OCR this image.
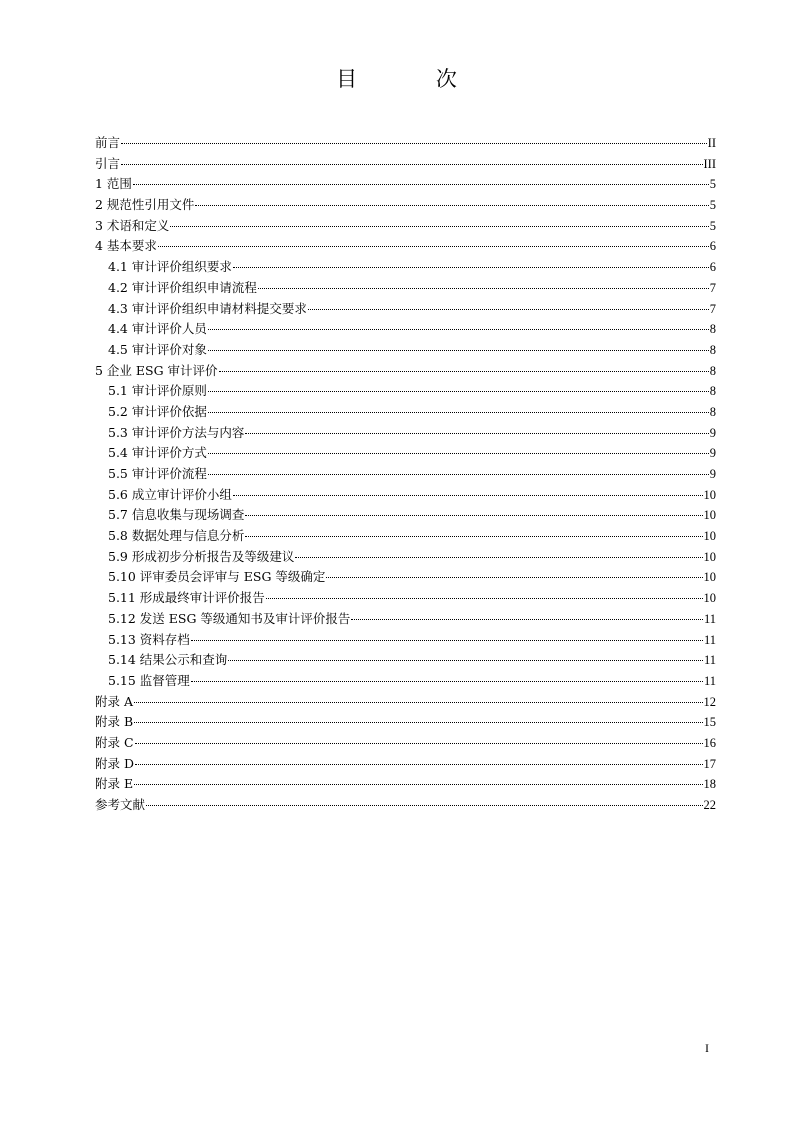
目 次
前言	II
引言	III
1 范围	5
2 规范性引用文件	5
3 术语和定义	5
4 基本要求	6
4.1 审计评价组织要求	6
4.2 审计评价组织申请流程	7
4.3 审计评价组织申请材料提交要求	7
4.4 审计评价人员	8
4.5 审计评价对象	8
5 企业 ESG 审计评价	8
5.1 审计评价原则	8
5.2 审计评价依据	8
5.3 审计评价方法与内容	9
5.4 审计评价方式	9
5.5 审计评价流程	9
5.6 成立审计评价小组	10
5.7 信息收集与现场调查	10
5.8 数据处理与信息分析	10
5.9 形成初步分析报告及等级建议	10
5.10 评审委员会评审与 ESG 等级确定	10
5.11 形成最终审计评价报告	10
5.12 发送 ESG 等级通知书及审计评价报告	11
5.13 资料存档	11
5.14 结果公示和查询	11
5.15 监督管理	11
附录 A	12
附录 B	15
附录 C	16
附录 D	17
附录 E	18
参考文献	22
I
